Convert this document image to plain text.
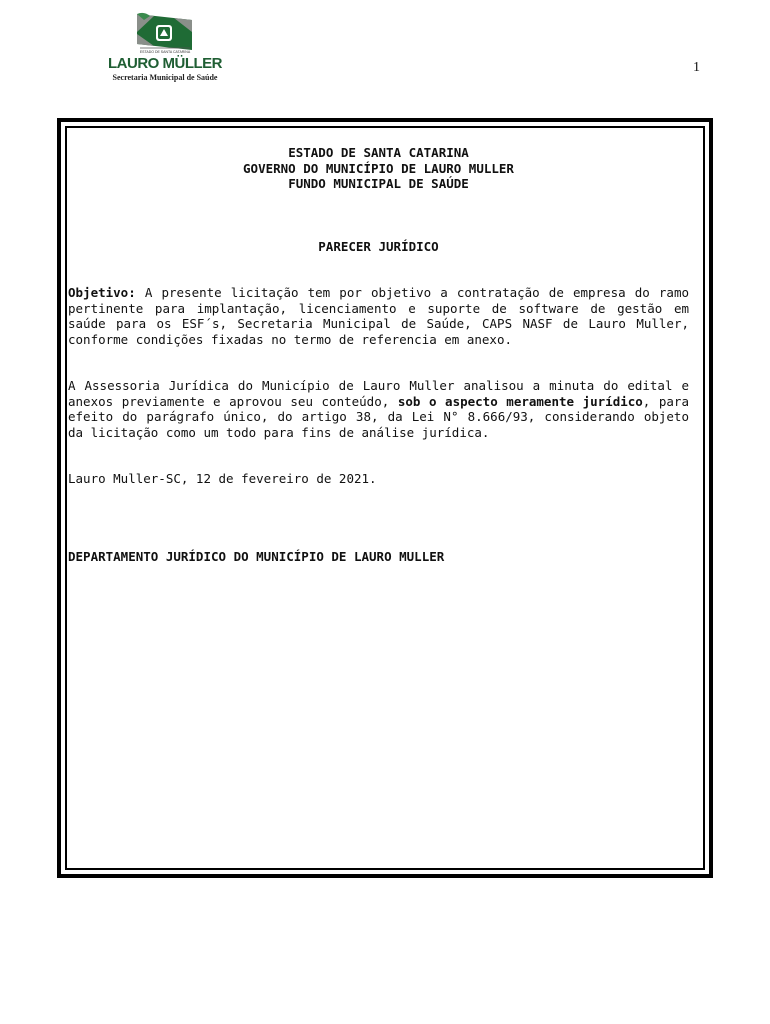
ESTADO DE SANTA CATARINA
LAURO MÜLLER
Secretaria Municipal de Saúde
1
ESTADO DE SANTA CATARINA
GOVERNO DO MUNICÍPIO DE LAURO MULLER
FUNDO MUNICIPAL DE SAÚDE
PARECER JURÍDICO
Objetivo: A presente licitação tem por objetivo a contratação de empresa do ramo pertinente para implantação, licenciamento e suporte de software de gestão em saúde para os ESF´s, Secretaria Municipal de Saúde, CAPS NASF de Lauro Muller, conforme condições fixadas no termo de referencia em anexo.
A Assessoria Jurídica do Município de Lauro Muller analisou a minuta do edital e anexos previamente e aprovou seu conteúdo, sob o aspecto meramente jurídico, para efeito do parágrafo único, do artigo 38, da Lei N° 8.666/93, considerando objeto da licitação como um todo para fins de análise jurídica.
Lauro Muller-SC, 12 de fevereiro de 2021.
DEPARTAMENTO JURÍDICO DO MUNICÍPIO DE LAURO MULLER
